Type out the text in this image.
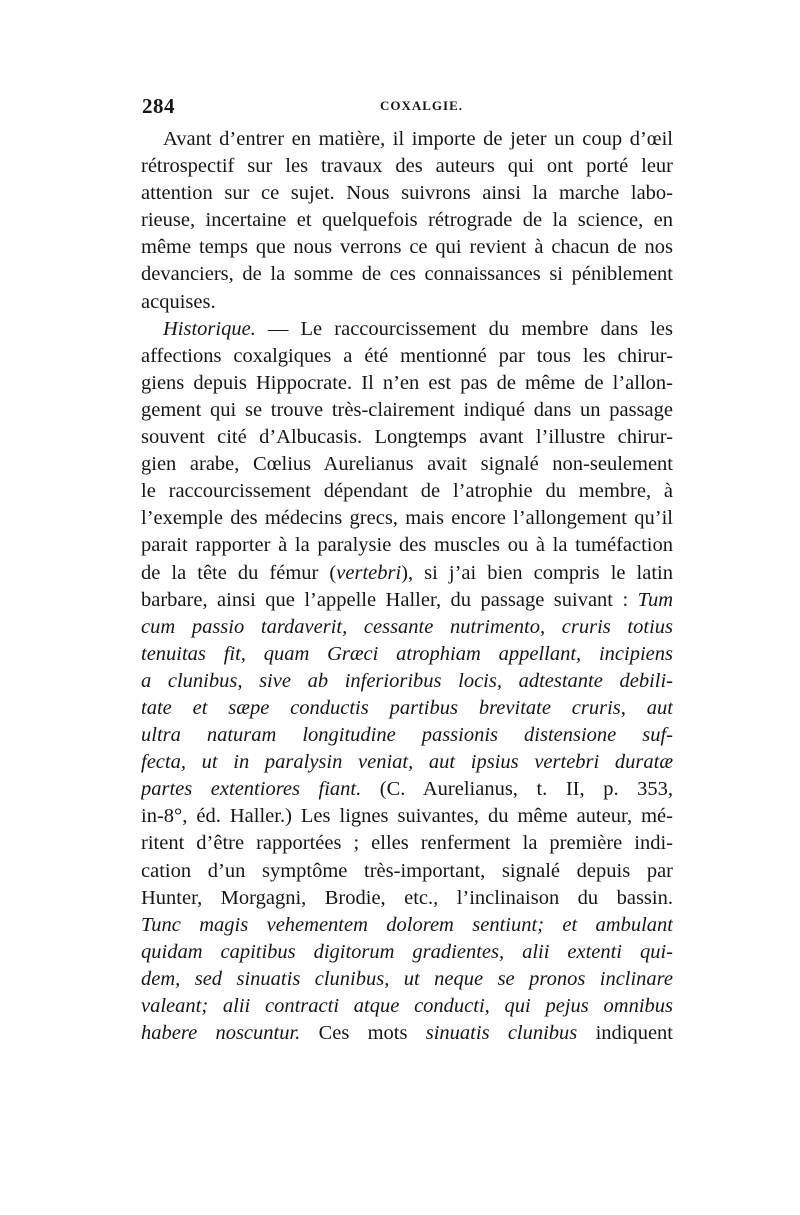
284	COXALGIE.
Avant d’entrer en matière, il importe de jeter un coup d’œil
rétrospectif sur les travaux des auteurs qui ont porté leur
attention sur ce sujet. Nous suivrons ainsi la marche labo-
rieuse, incertaine et quelquefois rétrograde de la science, en
même temps que nous verrons ce qui revient à chacun de nos
devanciers, de la somme de ces connaissances si péniblement
acquises.
Historique. — Le raccourcissement du membre dans les
affections coxalgiques a été mentionné par tous les chirur-
giens depuis Hippocrate. Il n’en est pas de même de l’allon-
gement qui se trouve très-clairement indiqué dans un passage
souvent cité d’Albucasis. Longtemps avant l’illustre chirur-
gien arabe, Cœlius Aurelianus avait signalé non-seulement
le raccourcissement dépendant de l’atrophie du membre, à
l’exemple des médecins grecs, mais encore l’allongement qu’il
parait rapporter à la paralysie des muscles ou à la tuméfaction
de la tête du fémur (vertebri), si j’ai bien compris le latin
barbare, ainsi que l’appelle Haller, du passage suivant : Tum
cum passio tardaverit, cessante nutrimento, cruris totius
tenuitas fit, quam Græci atrophiam appellant, incipiens
a clunibus, sive ab inferioribus locis, adtestante debili-
tate et sæpe conductis partibus brevitate cruris, aut
ultra naturam longitudine passionis distensione suf-
fecta, ut in paralysin veniat, aut ipsius vertebri duratæ
partes extentiores fiant. (C. Aurelianus, t. II, p. 353,
in-8°, éd. Haller.) Les lignes suivantes, du même auteur, mé-
ritent d’être rapportées ; elles renferment la première indi-
cation d’un symptôme très-important, signalé depuis par
Hunter, Morgagni, Brodie, etc., l’inclinaison du bassin.
Tunc magis vehementem dolorem sentiunt; et ambulant
quidam capitibus digitorum gradientes, alii extenti qui-
dem, sed sinuatis clunibus, ut neque se pronos inclinare
valeant; alii contracti atque conducti, qui pejus omnibus
habere noscuntur. Ces mots sinuatis clunibus indiquent
